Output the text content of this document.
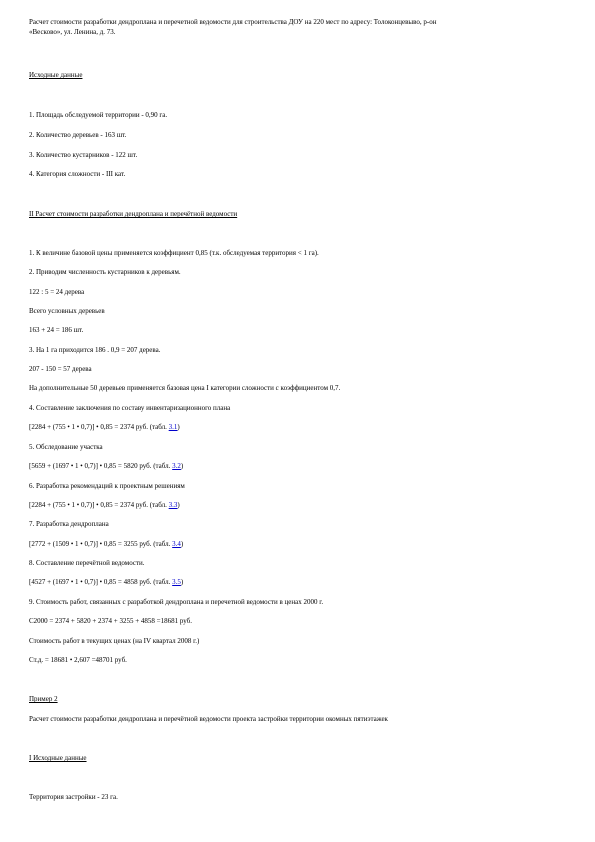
Расчет стоимости разработки дендроплана и перечетной ведомости для строительства ДОУ на 220 мест по адресу: Толоконцевыво, р-он
«Весково», ул. Ленина, д. 73.
Исходные данные
1. Площадь обследуемой территории - 0,90 га.
2. Количество деревьев - 163 шт.
3. Количество кустарников - 122 шт.
4. Категория сложности - III кат.
II Расчет стоимости разработки дендроплана и перечётной ведомости
1. К величине базовой цены применяется коэффициент 0,85 (т.к. обследуемая территория < 1 га).
2. Приводим численность кустарников к деревьям.
122 : 5 = 24 дерева
Всего условных деревьев
163 + 24 = 186 шт.
3. На 1 га приходится 186 . 0,9 = 207 дерева.
207 - 150 = 57 дерева
На дополнительные 50 деревьев применяется базовая цена I категории сложности с коэффициентом 0,7.
4. Составление заключения по составу инвентаризационного плана
[2284 + (755 • 1 • 0,7)] • 0,85 = 2374 руб. (табл. 3.1)
5. Обследование участка
[5659 + (1697 • 1 • 0,7)] • 0,85 = 5820 руб. (табл. 3.2)
6. Разработка рекомендаций к проектным решениям
[2284 + (755 • 1 • 0,7)] • 0,85 = 2374 руб. (табл. 3.3)
7. Разработка дендроплана
[2772 + (1509 • 1 • 0,7)] • 0,85 = 3255 руб. (табл. 3.4)
8. Составление перечётной ведомости.
[4527 + (1697 • 1 • 0,7)] • 0,85 = 4858 руб. (табл. 3.5)
9. Стоимость работ, связанных с разработкой дендроплана и перечетной ведомости в ценах 2000 г.
С2000 = 2374 + 5820 + 2374 + 3255 + 4858 =18681 руб.
Стоимость работ в текущих ценах (на IV квартал 2008 г.)
Ст.д. = 18681 • 2,607 =48701 руб.
Пример 2
Расчет стоимости разработки дендроплана и перечётной ведомости проекта застройки территории окомных пятиэтажек
I Исходные данные
Территория застройки - 23 га.
